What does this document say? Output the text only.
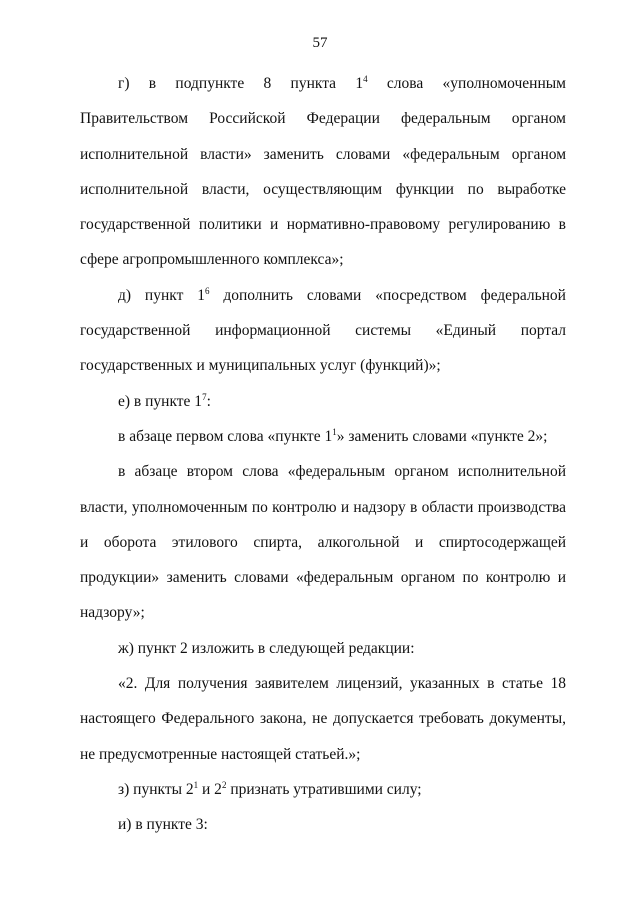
57

г) в подпункте 8 пункта $1^4$ слова «уполномоченным Правительством Российской Федерации федеральным органом исполнительной власти» заменить словами «федеральным органом исполнительной власти, осуществляющим функции по выработке государственной политики и нормативно-правовому регулированию в сфере агропромышленного комплекса»;

д) пункт $1^6$ дополнить словами «посредством федеральной государственной информационной системы «Единый портал государственных и муниципальных услуг (функций)»;

е) в пункте $1^7$:

в абзаце первом слова «пункте $1^1$» заменить словами «пункте 2»;

в абзаце втором слова «федеральным органом исполнительной власти, уполномоченным по контролю и надзору в области производства и оборота этилового спирта, алкогольной и спиртосодержащей продукции» заменить словами «федеральным органом по контролю и надзору»;

ж) пункт 2 изложить в следующей редакции:

«2. Для получения заявителем лицензий, указанных в статье 18 настоящего Федерального закона, не допускается требовать документы, не предусмотренные настоящей статьей.»;

з) пункты $2^1$ и $2^2$ признать утратившими силу;

и) в пункте 3:
